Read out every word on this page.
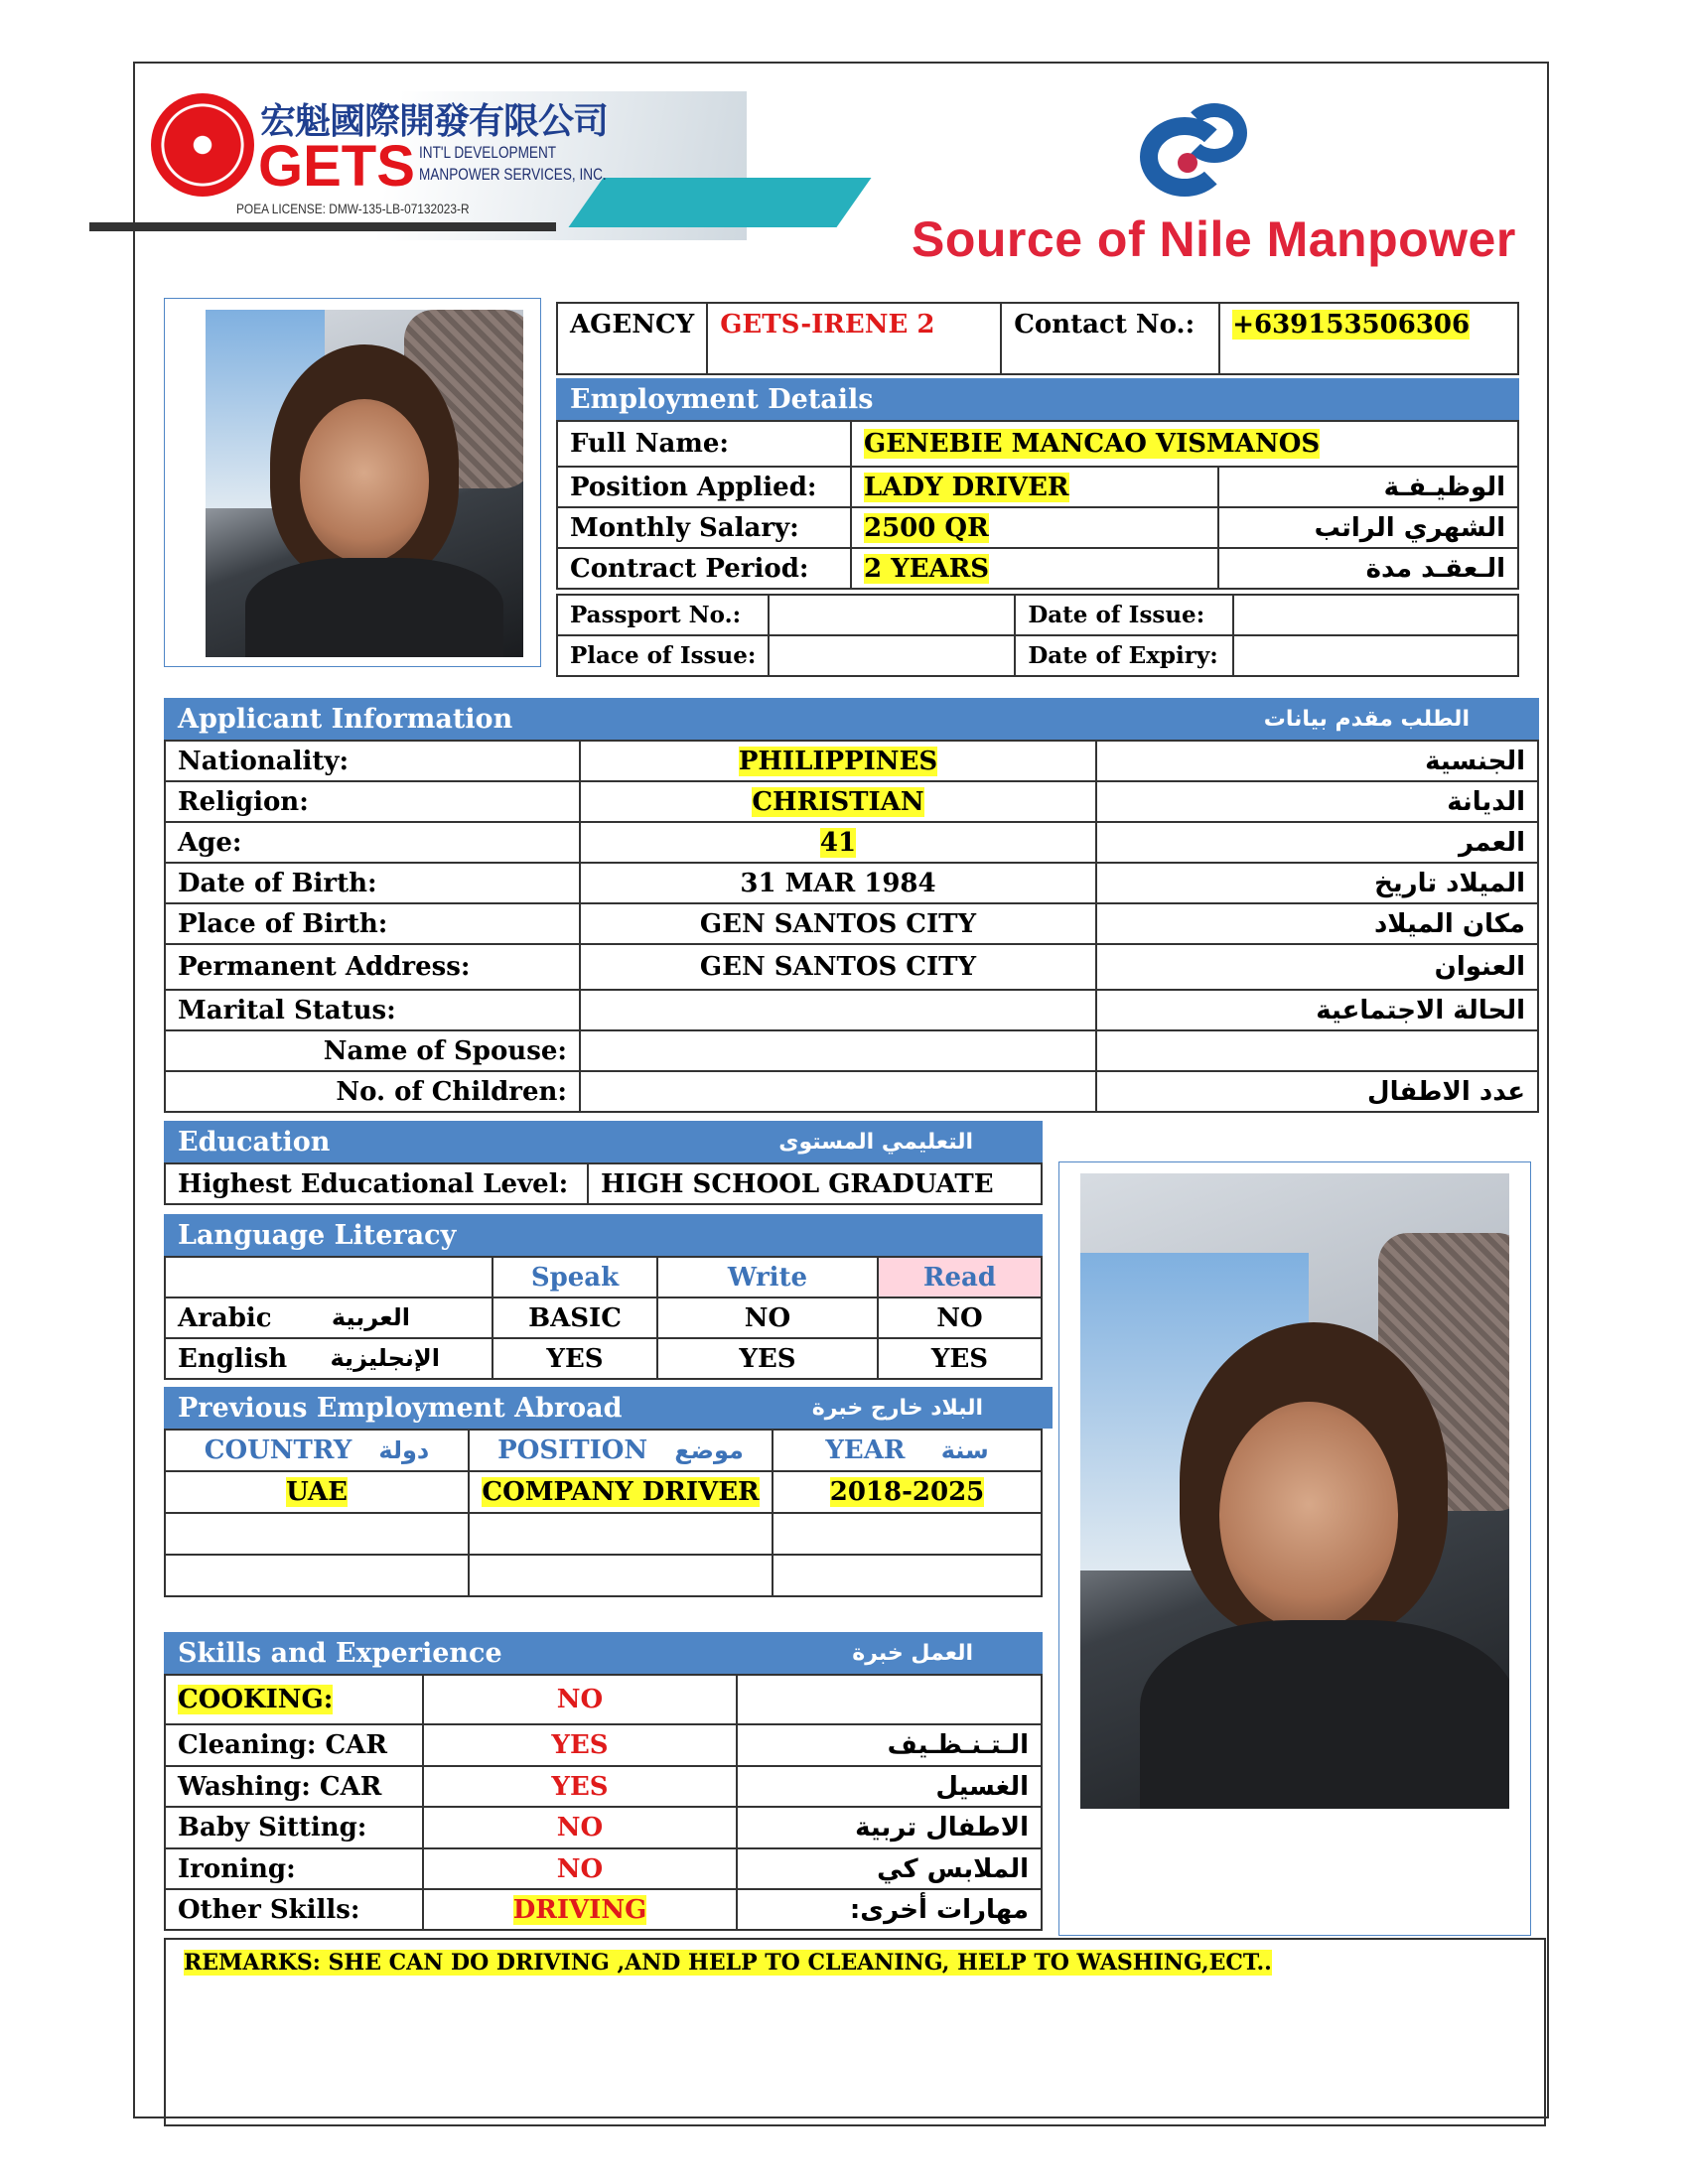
宏魁國際開發有限公司
GETS INT'L DEVELOPMENT
MANPOWER SERVICES, INC.
POEA LICENSE: DMW-135-LB-07132023-R
Source of Nile Manpower
AGENCY	GETS-IRENE 2	Contact No.:	+639153506306
Employment Details
Full Name:	GENEBIE MANCAO VISMANOS	
Position Applied:	LADY DRIVER	الوظيـفـة
Monthly Salary:	2500 QR	الشهري الراتب
Contract Period:	2 YEARS	الـعقـد مدة
Passport No.:		Date of Issue:	
Place of Issue:		Date of Expiry:	
Applicant Information	الطلب مقدم بيانات
Nationality:	PHILIPPINES	الجنسية
Religion:	CHRISTIAN	الديانة
Age:	41	العمر
Date of Birth:	31 MAR 1984	الميلاد تاريخ
Place of Birth:	GEN SANTOS CITY	مكان الميلاد
Permanent Address:	GEN SANTOS CITY	العنوان
Marital Status:		الحالة الاجتماعية
Name of Spouse:		
No. of Children:		عدد الاطفال
Education	التعليمي المستوى
Highest Educational Level:	HIGH SCHOOL GRADUATE
Language Literacy
	Speak	Write	Read
Arabic العربية	BASIC	NO	NO
English الإنجليزية	YES	YES	YES
Previous Employment Abroad	البلاد خارج خبرة
COUNTRY دولة	POSITION موضع	YEAR سنة
UAE	COMPANY DRIVER	2018-2025

Skills and Experience	العمل خبرة
COOKING:	NO	
Cleaning: CAR	YES	الـتـنـظـيف
Washing: CAR	YES	الغسيل
Baby Sitting:	NO	الاطفال تربية
Ironing:	NO	الملابس كي
Other Skills:	DRIVING	مهارات أخرى:
REMARKS: SHE CAN DO DRIVING ,AND HELP TO CLEANING, HELP TO WASHING,ECT..
